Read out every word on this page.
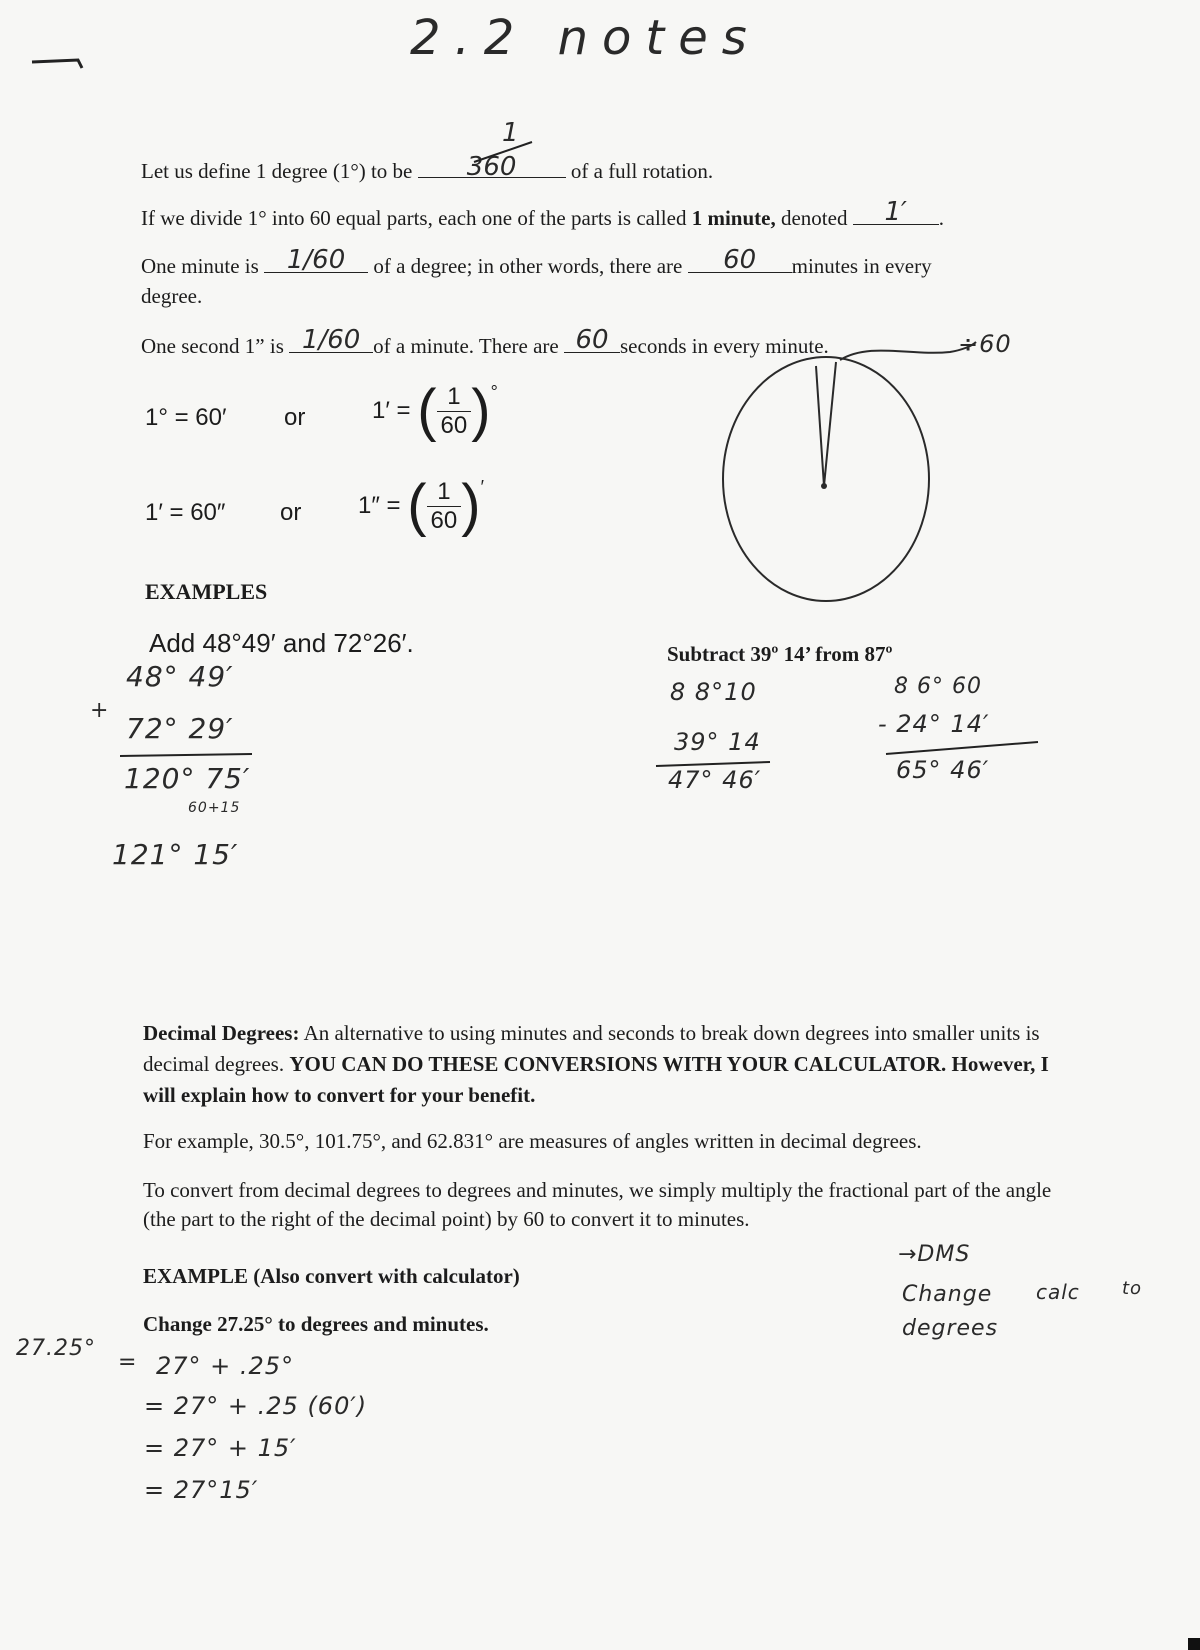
2.2 notes
Let us define 1 degree (1°) to be	360	of a full rotation.
1
If we divide 1° into 60 equal parts, each one of the parts is called 1 minute, denoted	1′	.
One minute is	1/60	of a degree; in other words, there are	60	minutes in every
degree.
One second 1” is 1/60 of a minute. There are 60 seconds in every minute.	÷60
1° = 60′ or	1′ = ( $\frac{1}{60} )^\circ$
1′ = 60″ or 1″ = ( $\frac{1}{60} )'$
EXAMPLES
Add 48°49′ and 72°26′.
48° 49′
+
72° 29′
120° 75′
60+15
121° 15′
Subtract 39º 14’ from 87º
8 8°10
39° 14
47° 46′
8 6° 60
- 24° 14′
65° 46′
Decimal Degrees: An alternative to using minutes and seconds to break down degrees into smaller units is decimal degrees. YOU CAN DO THESE CONVERSIONS WITH YOUR CALCULATOR. However, I will explain how to convert for your benefit.
For example, 30.5°, 101.75°, and 62.831° are measures of angles written in decimal degrees.
To convert from decimal degrees to degrees and minutes, we simply multiply the fractional part of the angle (the part to the right of the decimal point) by 60 to convert it to minutes.
EXAMPLE (Also convert with calculator)
Change 27.25° to degrees and minutes.
→DMS
Change calc to
degrees
27.25°
= 27° + .25°
= 27° + .25 (60′)
= 27° + 15′
= 27°15′
